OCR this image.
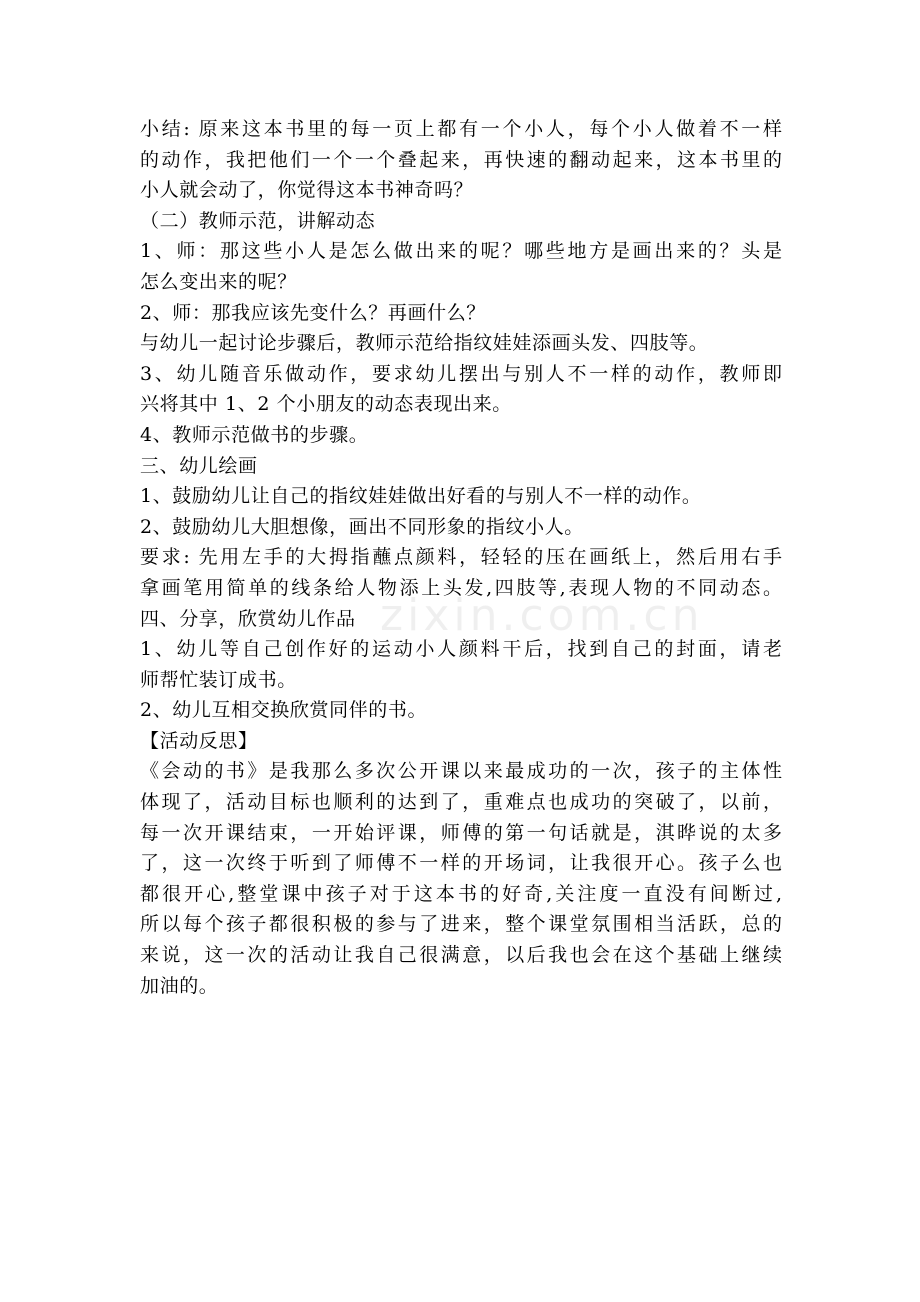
小结: 原来这本书里的每一页上都有一个小人，每个小人做着不一样
的动作，我把他们一个一个叠起来，再快速的翻动起来，这本书里的
小人就会动了，你觉得这本书神奇吗？
（二）教师示范，讲解动态
1、师：那这些小人是怎么做出来的呢？哪些地方是画出来的？头是
怎么变出来的呢？
2、师：那我应该先变什么？再画什么？
与幼儿一起讨论步骤后，教师示范给指纹娃娃添画头发、四肢等。
3、幼儿随音乐做动作，要求幼儿摆出与别人不一样的动作，教师即
兴将其中 1、2 个小朋友的动态表现出来。
4、教师示范做书的步骤。
三、幼儿绘画
1、鼓励幼儿让自己的指纹娃娃做出好看的与别人不一样的动作。
2、鼓励幼儿大胆想像，画出不同形象的指纹小人。
要求: 先用左手的大拇指蘸点颜料，轻轻的压在画纸上，然后用右手
拿画笔用简单的线条给人物添上头发,四肢等,表现人物的不同动态。
四、分享，欣赏幼儿作品
1、幼儿等自己创作好的运动小人颜料干后，找到自己的封面，请老
师帮忙装订成书。
2、幼儿互相交换欣赏同伴的书。
【活动反思】
《会动的书》是我那么多次公开课以来最成功的一次，孩子的主体性
体现了，活动目标也顺利的达到了，重难点也成功的突破了，以前，
每一次开课结束，一开始评课，师傅的第一句话就是，淇晔说的太多
了，这一次终于听到了师傅不一样的开场词，让我很开心。孩子么也
都很开心,整堂课中孩子对于这本书的好奇,关注度一直没有间断过,
所以每个孩子都很积极的参与了进来，整个课堂氛围相当活跃，总的
来说，这一次的活动让我自己很满意，以后我也会在这个基础上继续
加油的。
zixin.com.cn
